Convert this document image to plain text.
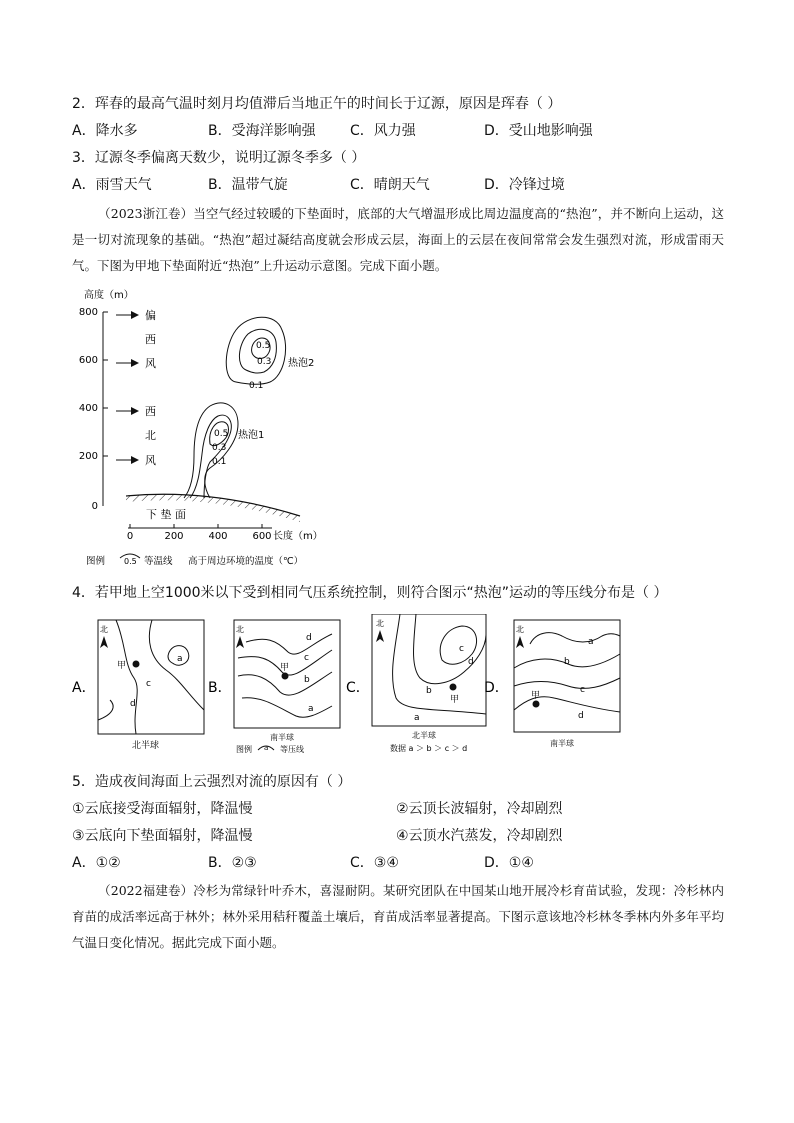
2．珲春的最高气温时刻月均值滞后当地正午的时间长于辽源，原因是珲春（ ）
A．降水多	B．受海洋影响强 C．风力强	D．受山地影响强
3．辽源冬季偏离天数少，说明辽源冬季多（ ）
A．雨雪天气	B．温带气旋	C．晴朗天气	D．冷锋过境
（2023浙江卷）当空气经过较暖的下垫面时，底部的大气增温形成比周边温度高的“热泡”，并不断向上运动，这是一切对流现象的基础。“热泡”超过凝结高度就会形成云层，海面上的云层在夜间常常会发生强烈对流，形成雷雨天气。下图为甲地下垫面附近“热泡”上升运动示意图。完成下面小题。
高度（m）
800
600
400
200
0
偏
西
风
西
北
风
0.5
0.3
0.1
热泡2
0.5
0.3
0.1
热泡1
下 垫 面
0	200 400 600 长度（m）
图例 0.5 等温线 高于周边环境的温度（℃）
4．若甲地上空1000米以下受到相同气压系统控制，则符合图示“热泡”运动的等压线分布是（ ）
A．
北
甲
a
c
d
北半球
B．
北
甲
d
c
b
a
南半球
图例 a 等压线
C．
北
甲
c
d
b
a
北半球
数据 a ＞ b ＞ c ＞ d
D．
北
甲
a
b
c
d
南半球
5．造成夜间海面上云强烈对流的原因有（ ）
①云底接受海面辐射，降温慢	②云顶长波辐射，冷却剧烈
③云底向下垫面辐射，降温慢	④云顶水汽蒸发，冷却剧烈
A．①②	B．②③	C．③④	D．①④
（2022福建卷）冷杉为常绿针叶乔木，喜湿耐阴。某研究团队在中国某山地开展冷杉育苗试验，发现：冷杉林内育苗的成活率远高于林外；林外采用秸秆覆盖土壤后，育苗成活率显著提高。下图示意该地冷杉林冬季林内外多年平均气温日变化情况。据此完成下面小题。
